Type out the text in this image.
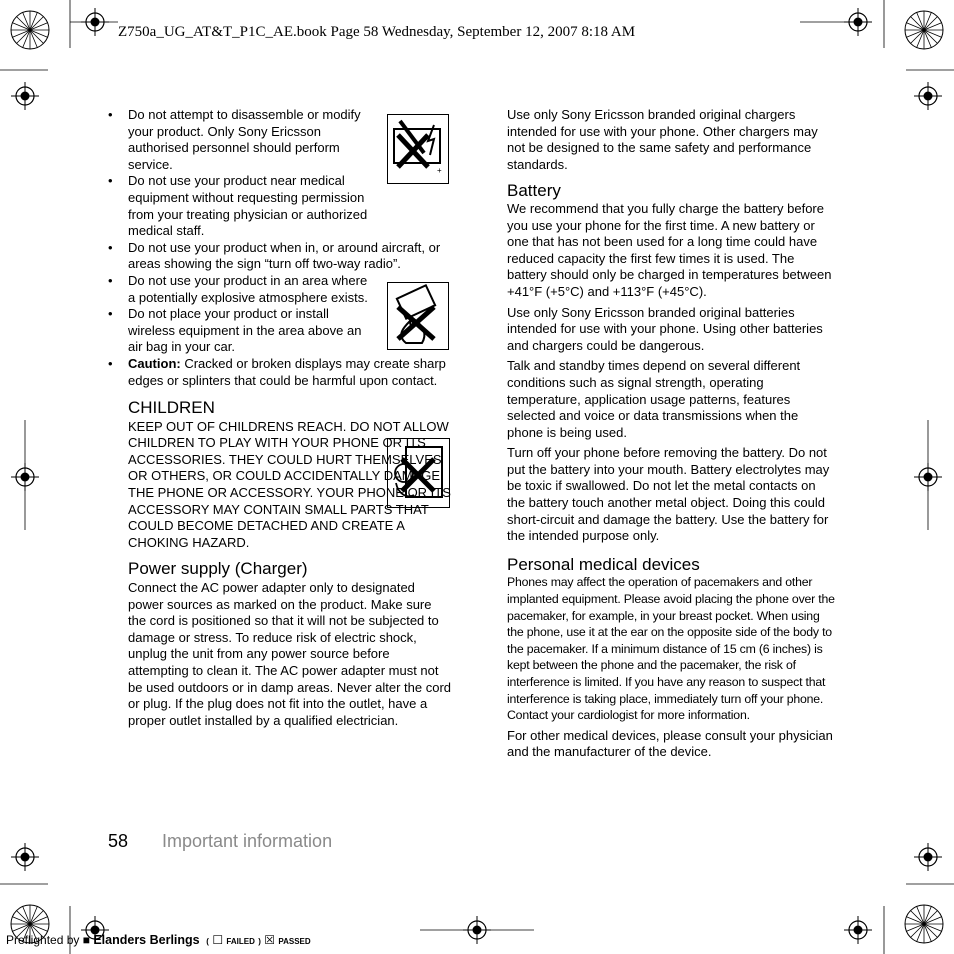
Z750a_UG_AT&T_P1C_AE.book Page 58 Wednesday, September 12, 2007 8:18 AM
+
• Do not attempt to disassemble or modify your product. Only Sony Ericsson authorised personnel should perform service.
• Do not use your product near medical equipment without requesting permission from your treating physician or authorized medical staff.
• Do not use your product when in, or around aircraft, or areas showing the sign “turn off two-way radio”.
• Do not use your product in an area where a potentially explosive atmosphere exists.
• Do not place your product or install wireless equipment in the area above an air bag in your car.
• Caution: Cracked or broken displays may create sharp edges or splinters that could be harmful upon contact.
CHILDREN
KEEP OUT OF CHILDRENS REACH. DO NOT ALLOW CHILDREN TO PLAY WITH YOUR PHONE OR ITS ACCESSORIES. THEY COULD HURT THEMSELVES OR OTHERS, OR COULD ACCIDENTALLY DAMAGE THE PHONE OR ACCESSORY. YOUR PHONE OR ITS ACCESSORY MAY CONTAIN SMALL PARTS THAT COULD BECOME DETACHED AND CREATE A CHOKING HAZARD.
Power supply (Charger)
Connect the AC power adapter only to designated power sources as marked on the product. Make sure the cord is positioned so that it will not be subjected to damage or stress. To reduce risk of electric shock, unplug the unit from any power source before attempting to clean it. The AC power adapter must not be used outdoors or in damp areas. Never alter the cord or plug. If the plug does not fit into the outlet, have a proper outlet installed by a qualified electrician.

Use only Sony Ericsson branded original chargers intended for use with your phone. Other chargers may not be designed to the same safety and performance standards.

Battery

We recommend that you fully charge the battery before you use your phone for the first time. A new battery or one that has not been used for a long time could have reduced capacity the first few times it is used. The battery should only be charged in temperatures between +41°F (+5°C) and +113°F (+45°C).

Use only Sony Ericsson branded original batteries intended for use with your phone. Using other batteries and chargers could be dangerous.

Talk and standby times depend on several different conditions such as signal strength, operating temperature, application usage patterns, features selected and voice or data transmissions when the phone is being used.

Turn off your phone before removing the battery. Do not put the battery into your mouth. Battery electrolytes may be toxic if swallowed. Do not let the metal contacts on the battery touch another metal object. Doing this could short-circuit and damage the battery. Use the battery for the intended purpose only.

Personal medical devices

Phones may affect the operation of pacemakers and other implanted equipment. Please avoid placing the phone over the pacemaker, for example, in your breast pocket. When using the phone, use it at the ear on the opposite side of the body to the pacemaker. If a minimum distance of 15 cm (6 inches) is kept between the phone and the pacemaker, the risk of interference is limited. If you have any reason to suspect that interference is taking place, immediately turn off your phone. Contact your cardiologist for more information.

For other medical devices, please consult your physician and the manufacturer of the device.

58 Important information
Preflighted by ■ Elanders Berlings ( ☐ FAILED ) ☒ PASSED
